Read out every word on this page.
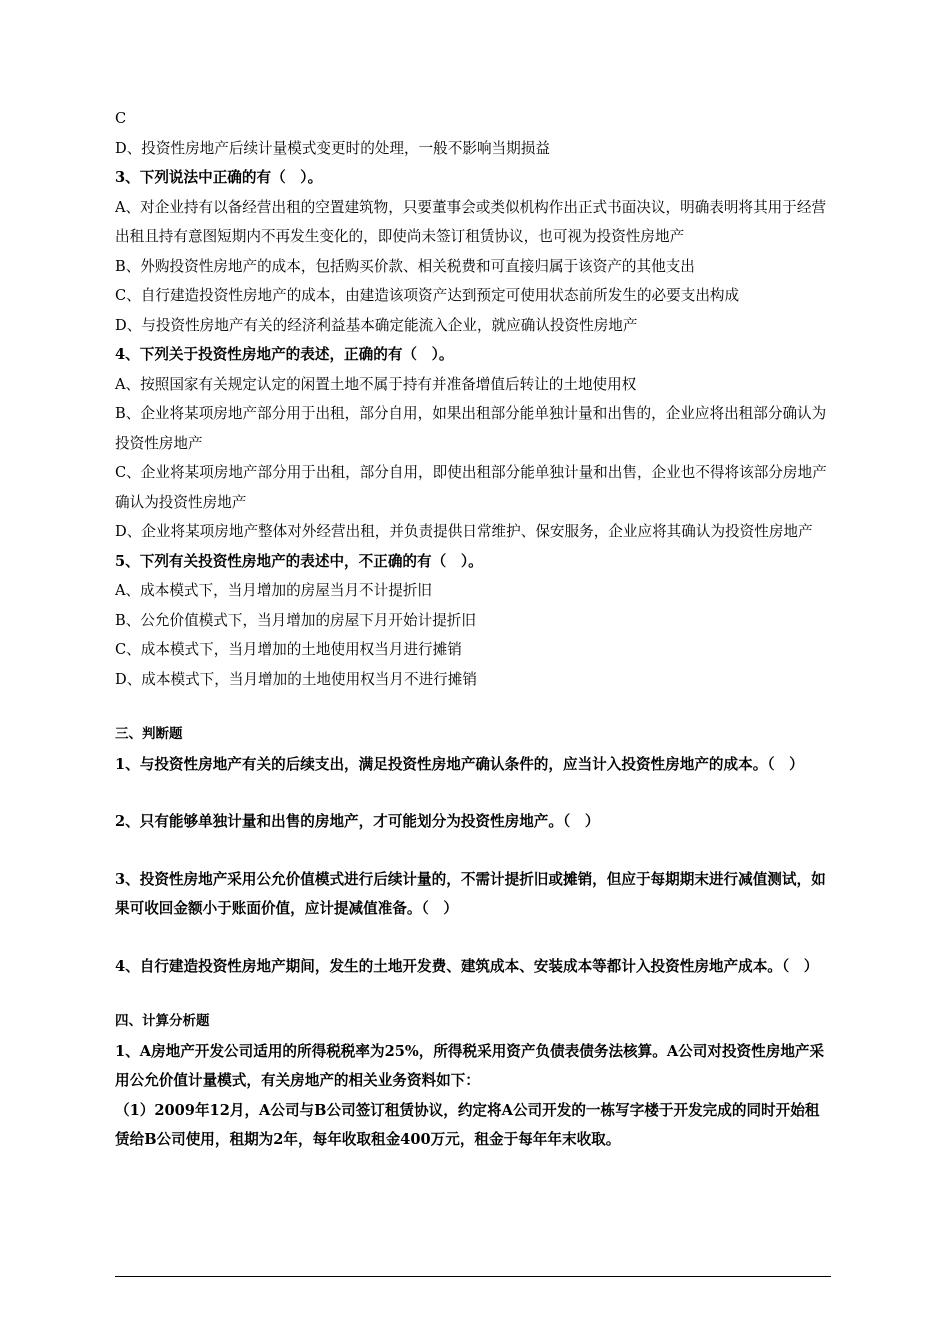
C
D、投资性房地产后续计量模式变更时的处理，一般不影响当期损益
3、下列说法中正确的有（　）。
A、对企业持有以备经营出租的空置建筑物，只要董事会或类似机构作出正式书面决议，明确表明将其用于经营出租且持有意图短期内不再发生变化的，即使尚未签订租赁协议，也可视为投资性房地产
B、外购投资性房地产的成本，包括购买价款、相关税费和可直接归属于该资产的其他支出
C、自行建造投资性房地产的成本，由建造该项资产达到预定可使用状态前所发生的必要支出构成
D、与投资性房地产有关的经济利益基本确定能流入企业，就应确认投资性房地产
4、下列关于投资性房地产的表述，正确的有（　）。
A、按照国家有关规定认定的闲置土地不属于持有并准备增值后转让的土地使用权
B、企业将某项房地产部分用于出租，部分自用，如果出租部分能单独计量和出售的，企业应将出租部分确认为投资性房地产
C、企业将某项房地产部分用于出租，部分自用，即使出租部分能单独计量和出售，企业也不得将该部分房地产确认为投资性房地产
D、企业将某项房地产整体对外经营出租，并负责提供日常维护、保安服务，企业应将其确认为投资性房地产
5、下列有关投资性房地产的表述中，不正确的有（　）。
A、成本模式下，当月增加的房屋当月不计提折旧
B、公允价值模式下，当月增加的房屋下月开始计提折旧
C、成本模式下，当月增加的土地使用权当月进行摊销
D、成本模式下，当月增加的土地使用权当月不进行摊销
三、判断题
1、与投资性房地产有关的后续支出，满足投资性房地产确认条件的，应当计入投资性房地产的成本。（　）
2、只有能够单独计量和出售的房地产，才可能划分为投资性房地产。（　）
3、投资性房地产采用公允价值模式进行后续计量的，不需计提折旧或摊销，但应于每期期末进行减值测试，如果可收回金额小于账面价值，应计提减值准备。（　）
4、自行建造投资性房地产期间，发生的土地开发费、建筑成本、安装成本等都计入投资性房地产成本。（　）
四、计算分析题
1、A房地产开发公司适用的所得税税率为25%，所得税采用资产负债表债务法核算。A公司对投资性房地产采用公允价值计量模式，有关房地产的相关业务资料如下：
（1）2009年12月，A公司与B公司签订租赁协议，约定将A公司开发的一栋写字楼于开发完成的同时开始租赁给B公司使用，租期为2年，每年收取租金400万元，租金于每年年末收取。
